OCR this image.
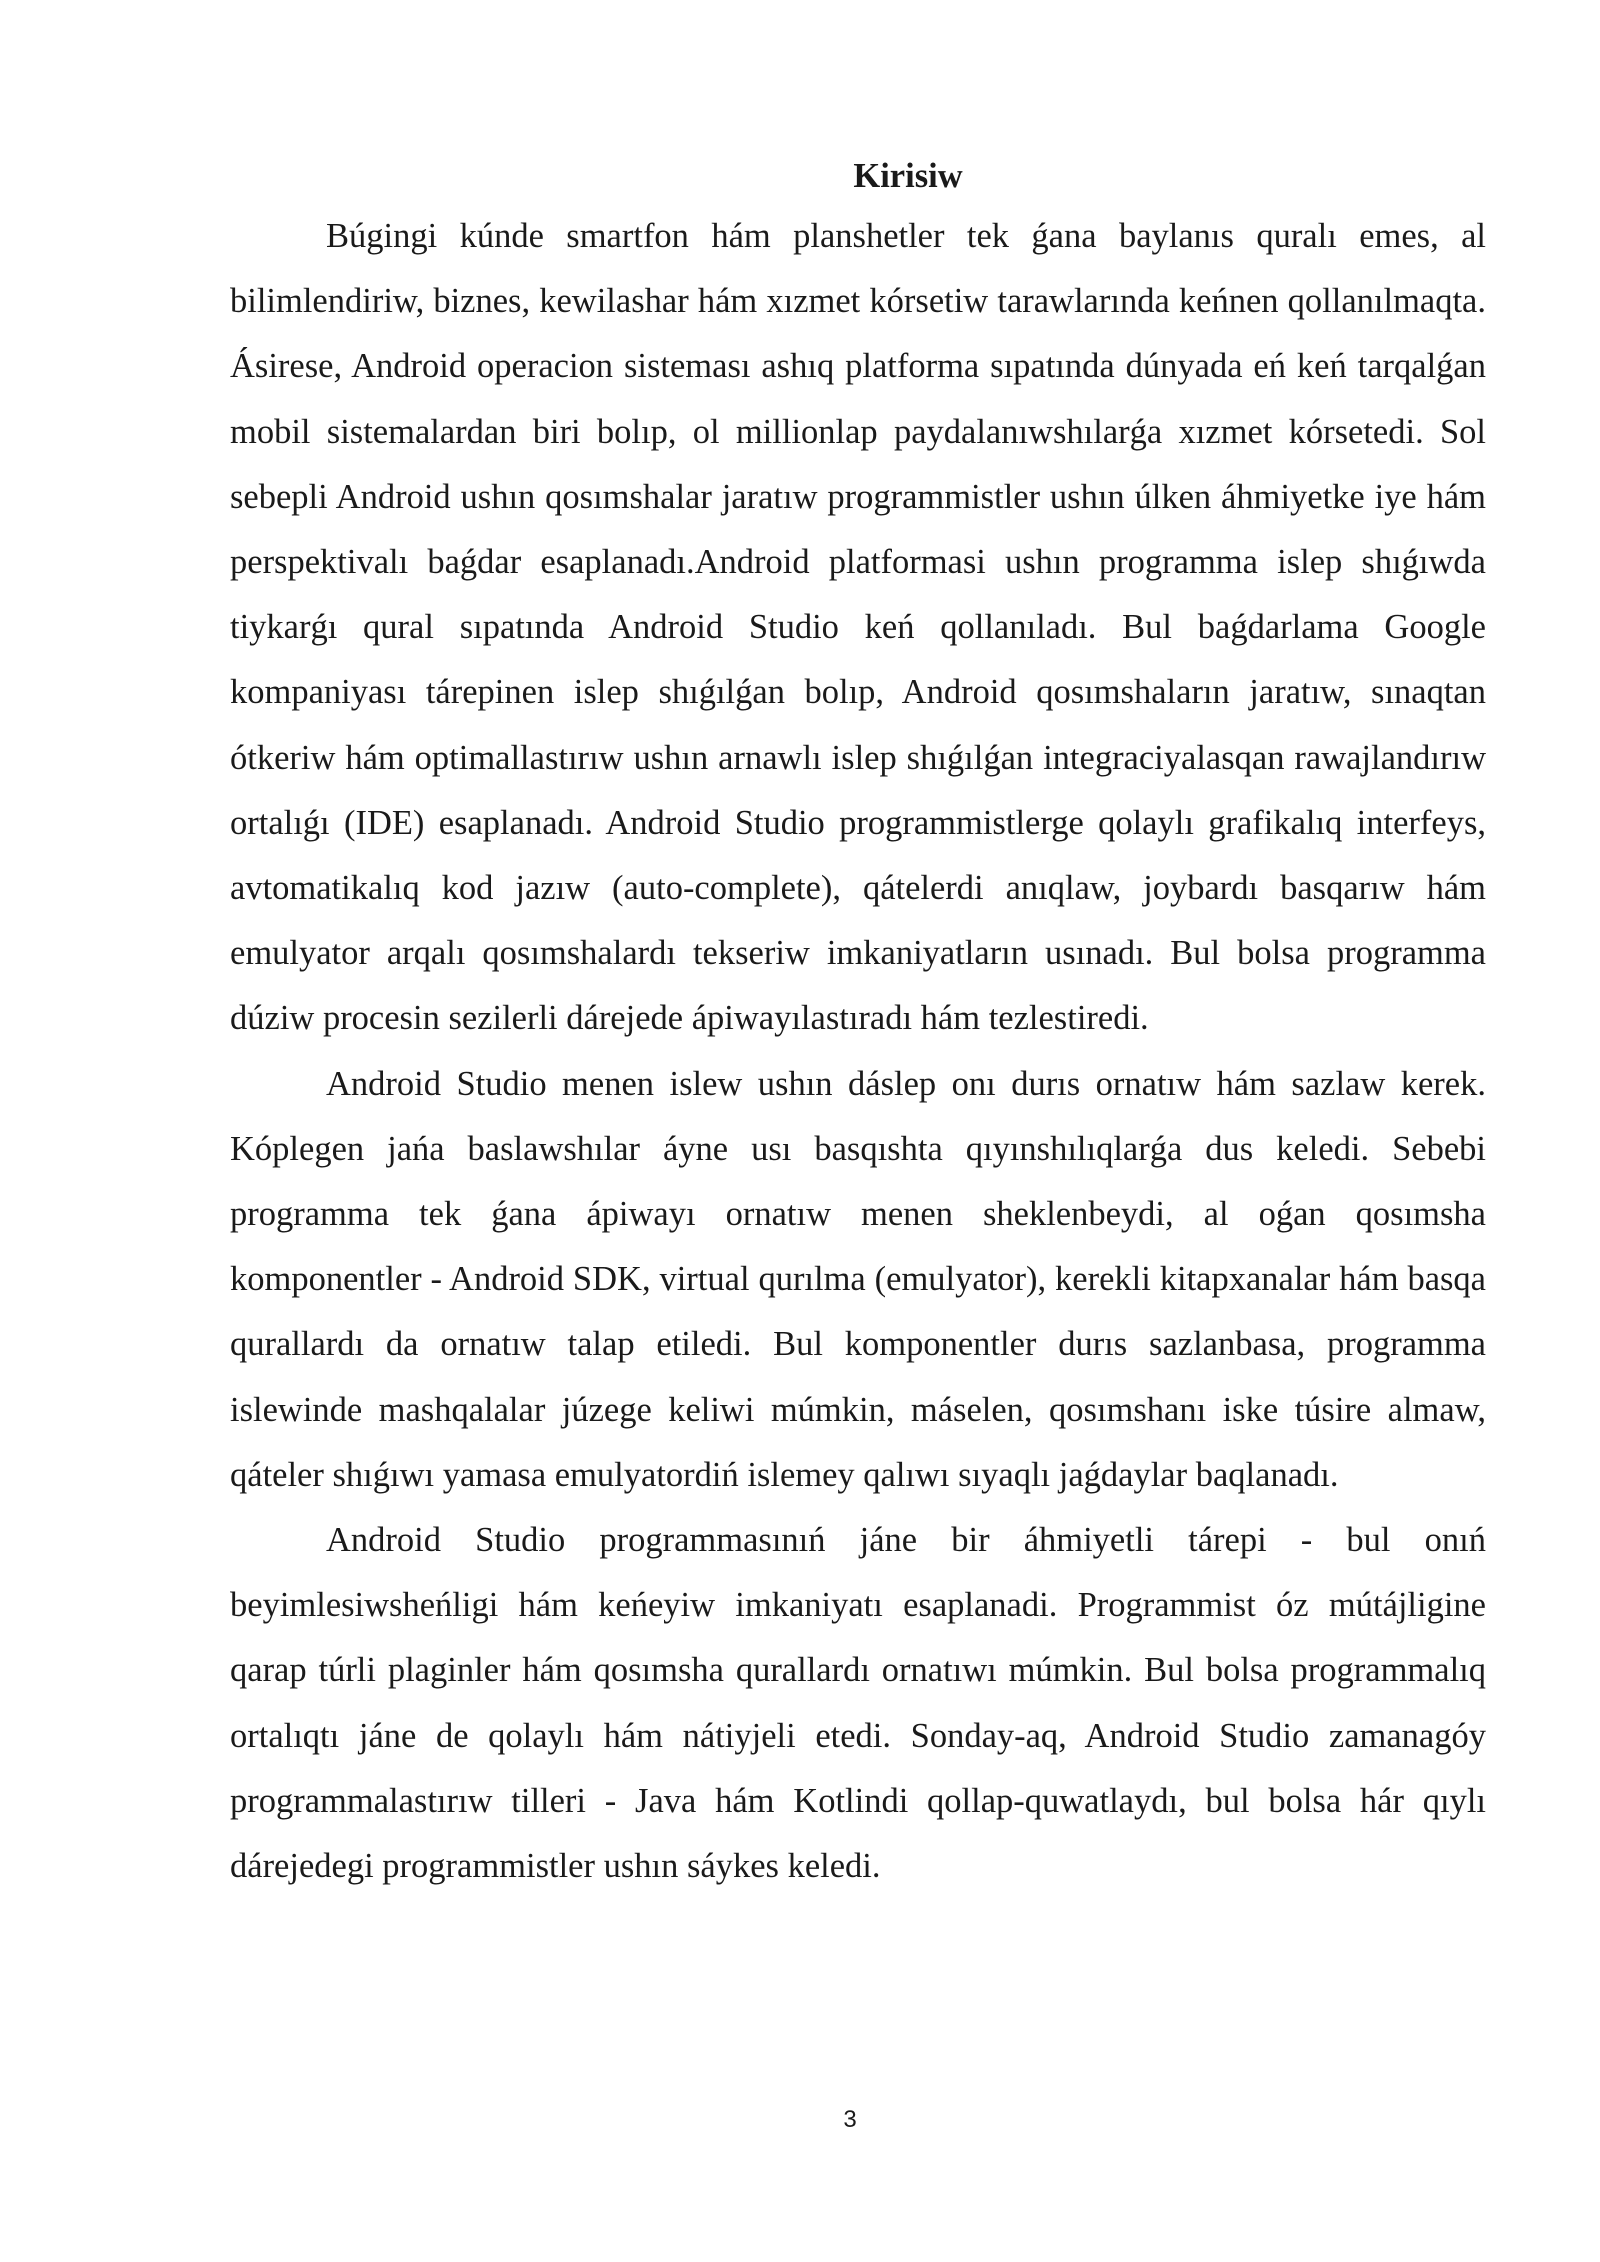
Kirisiw

Búgingi kúnde smartfon hám planshetler tek ǵana baylanıs quralı emes, al bilimlendiriw, biznes, kewilashar hám xızmet kórsetiw tarawlarında keńnen qollanılmaqta. Ásirese, Android operacion sisteması ashıq platforma sıpatında dúnyada eń keń tarqalǵan mobil sistemalardan biri bolıp, ol millionlap paydalanıwshılarǵa xızmet kórsetedi. Sol sebepli Android ushın qosımshalar jaratıw programmistler ushın úlken áhmiyetke iye hám perspektivalı baǵdar esaplanadı.Android platformasi ushın programma islep shıǵıwda tiykarǵı qural sıpatında Android Studio keń qollanıladı. Bul baǵdarlama Google kompaniyası tárepinen islep shıǵılǵan bolıp, Android qosımshaların jaratıw, sınaqtan ótkeriw hám optimallastırıw ushın arnawlı islep shıǵılǵan integraciyalasqan rawajlandırıw ortalıǵı (IDE) esaplanadı. Android Studio programmistlerge qolaylı grafikalıq interfeys, avtomatikalıq kod jazıw (auto-complete), qátelerdi anıqlaw, joybardı basqarıw hám emulyator arqalı qosımshalardı tekseriw imkaniyatların usınadı. Bul bolsa programma dúziw procesin sezilerli dárejede ápiwayılastıradı hám tezlestiredi.

Android Studio menen islew ushın dáslep onı durıs ornatıw hám sazlaw kerek. Kóplegen jańa baslawshılar áyne usı basqıshta qıyınshılıqlarǵa dus keledi. Sebebi programma tek ǵana ápiwayı ornatıw menen sheklenbeydi, al oǵan qosımsha komponentler - Android SDK, virtual qurılma (emulyator), kerekli kitapxanalar hám basqa qurallardı da ornatıw talap etiledi. Bul komponentler durıs sazlanbasa, programma islewinde mashqalalar júzege keliwi múmkin, máselen, qosımshanı iske túsire almaw, qáteler shıǵıwı yamasa emulyatordiń islemey qalıwı sıyaqlı jaǵdaylar baqlanadı.

Android Studio programmasınıń jáne bir áhmiyetli tárepi - bul onıń beyimlesiwsheńligi hám keńeyiw imkaniyatı esaplanadi. Programmist óz mútájligine qarap túrli plaginler hám qosımsha qurallardı ornatıwı múmkin. Bul bolsa programmalıq ortalıqtı jáne de qolaylı hám nátiyjeli etedi. Sonday-aq, Android Studio zamanagóy programmalastırıw tilleri - Java hám Kotlindi qollap-quwatlaydı, bul bolsa hár qıylı dárejedegi programmistler ushın sáykes keledi.

3
